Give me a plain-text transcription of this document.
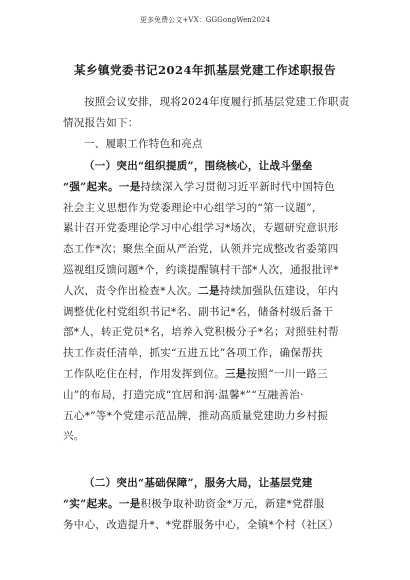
更多免费公文+VX：GGGongWen2024
某乡镇党委书记2024年抓基层党建工作述职报告
按照会议安排，现将2024年度履行抓基层党建工作职责
情况报告如下：
一、履职工作特色和亮点
（一）突出“组织提质”，围绕核心，让战斗堡垒
“强”起来。一是持续深入学习贯彻习近平新时代中国特色
社会主义思想作为党委理论中心组学习的“第一议题”，
累计召开党委理论学习中心组学习*场次，专题研究意识形
态工作*次；聚焦全面从严治党，认领并完成整改省委第四
巡视组反馈问题*个，约谈提醒镇村干部*人次，通报批评*
人次，责令作出检查*人次。二是持续加强队伍建设，年内
调整优化村党组织书记*名、副书记*名，储备村级后备干
部*人，转正党员*名，培养入党积极分子*名；对照驻村帮
扶工作责任清单，抓实“五进五比”各项工作，确保帮扶
工作队吃住在村，作用发挥到位。三是按照“一川一路三
山”的布局，打造完成“宜居和润·温馨*”“互融善治·
五心*”等*个党建示范品牌，推动高质量党建助力乡村振
兴。
（二）突出“基础保障”，服务大局，让基层党建
“实”起来。一是积极争取补助资金*万元，新建*党群服
务中心，改造提升*、*党群服务中心，全镇*个村（社区）
